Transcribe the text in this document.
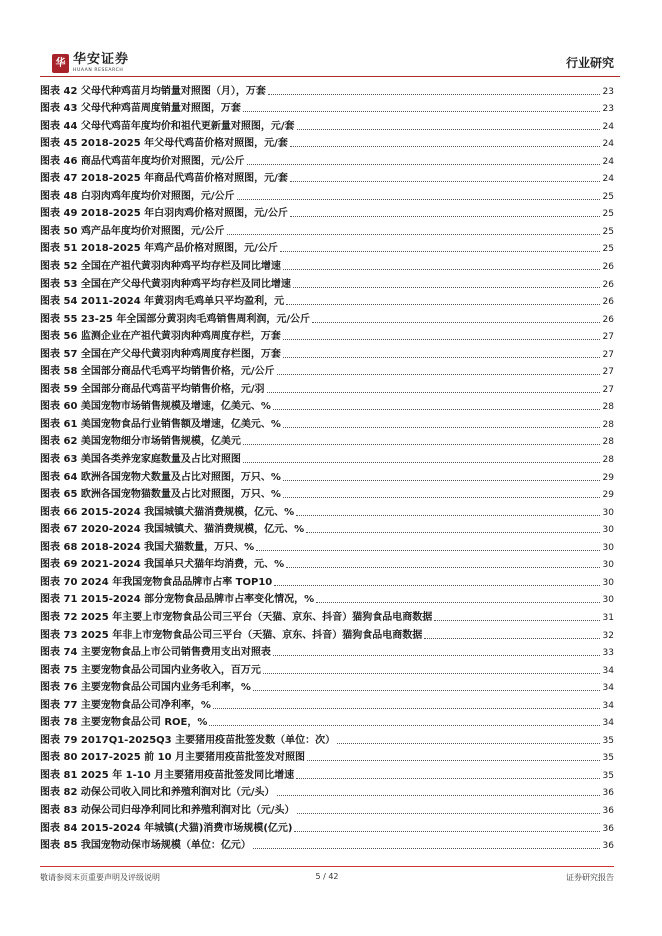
华 华安证券
HUAAN RESEARCH
行业研究
图表 42 父母代种鸡苗月均销量对照图（月），万套	23
图表 43 父母代种鸡苗周度销量对照图，万套	23
图表 44 父母代鸡苗年度均价和祖代更新量对照图，元/套	24
图表 45 2018-2025 年父母代鸡苗价格对照图，元/套	24
图表 46 商品代鸡苗年度均价对照图，元/公斤	24
图表 47 2018-2025 年商品代鸡苗价格对照图，元/套	24
图表 48 白羽肉鸡年度均价对照图，元/公斤	25
图表 49 2018-2025 年白羽肉鸡价格对照图，元/公斤	25
图表 50 鸡产品年度均价对照图，元/公斤	25
图表 51 2018-2025 年鸡产品价格对照图，元/公斤	25
图表 52 全国在产祖代黄羽肉种鸡平均存栏及同比增速	26
图表 53 全国在产父母代黄羽肉种鸡平均存栏及同比增速	26
图表 54 2011-2024 年黄羽肉毛鸡单只平均盈利，元	26
图表 55 23-25 年全国部分黄羽肉毛鸡销售周利润，元/公斤	26
图表 56 监测企业在产祖代黄羽肉种鸡周度存栏，万套	27
图表 57 全国在产父母代黄羽肉种鸡周度存栏图，万套	27
图表 58 全国部分商品代毛鸡平均销售价格，元/公斤	27
图表 59 全国部分商品代鸡苗平均销售价格，元/羽	27
图表 60 美国宠物市场销售规模及增速，亿美元、%	28
图表 61 美国宠物食品行业销售额及增速，亿美元、%	28
图表 62 美国宠物细分市场销售规模，亿美元	28
图表 63 美国各类养宠家庭数量及占比对照图	28
图表 64 欧洲各国宠物犬数量及占比对照图，万只、%	29
图表 65 欧洲各国宠物猫数量及占比对照图，万只、%	29
图表 66 2015-2024 我国城镇犬猫消费规模，亿元、%	30
图表 67 2020-2024 我国城镇犬、猫消费规模，亿元、%	30
图表 68 2018-2024 我国犬猫数量，万只、%	30
图表 69 2021-2024 我国单只犬猫年均消费，元、%	30
图表 70 2024 年我国宠物食品品牌市占率 TOP10	30
图表 71 2015-2024 部分宠物食品品牌市占率变化情况，%	30
图表 72 2025 年主要上市宠物食品公司三平台（天猫、京东、抖音）猫狗食品电商数据	31
图表 73 2025 年非上市宠物食品公司三平台（天猫、京东、抖音）猫狗食品电商数据	32
图表 74 主要宠物食品上市公司销售费用支出对照表	33
图表 75 主要宠物食品公司国内业务收入，百万元	34
图表 76 主要宠物食品公司国内业务毛利率，%	34
图表 77 主要宠物食品公司净利率，%	34
图表 78 主要宠物食品公司 ROE，%	34
图表 79 2017Q1-2025Q3 主要猪用疫苗批签发数（单位：次）	35
图表 80 2017-2025 前 10 月主要猪用疫苗批签发对照图	35
图表 81 2025 年 1-10 月主要猪用疫苗批签发同比增速	35
图表 82 动保公司收入同比和养殖利润对比（元/头）	36
图表 83 动保公司归母净利同比和养殖利润对比（元/头）	36
图表 84 2015-2024 年城镇(犬猫)消费市场规模(亿元)	36
图表 85 我国宠物动保市场规模（单位：亿元）	36
敬请参阅末页重要声明及评级说明	5 / 42	证券研究报告
